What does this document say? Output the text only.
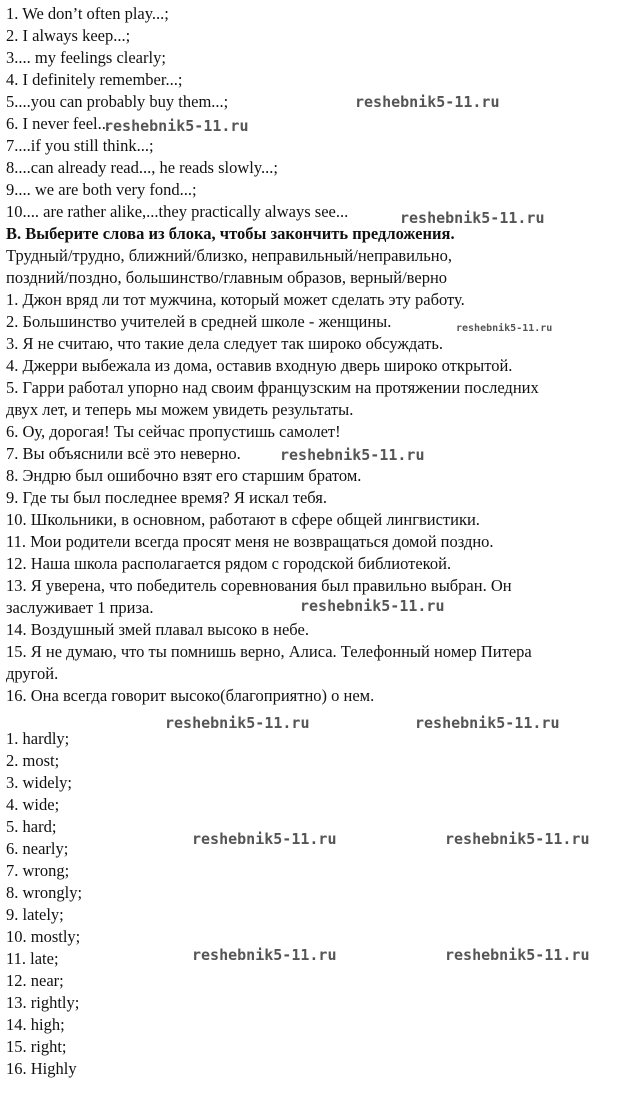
1. We don’t often play...;
2. I always keep...;
3.... my feelings clearly;
4. I definitely remember...;
5....you can probably buy them...;
6. I never feel...
7....if you still think...;
8....can already read..., he reads slowly...;
9.... we are both very fond...;
10.... are rather alike,...they practically always see...
B. Выберите слова из блока, чтобы закончить предложения.
Трудный/трудно, ближний/близко, неправильный/неправильно,
поздний/поздно, большинство/главным образов, верный/верно
1. Джон вряд ли тот мужчина, который может сделать эту работу.
2. Большинство учителей в средней школе - женщины.
3. Я не считаю, что такие дела следует так широко обсуждать.
4. Джерри выбежала из дома, оставив входную дверь широко открытой.
5. Гарри работал упорно над своим французским на протяжении последних
двух лет, и теперь мы можем увидеть результаты.
6. Оу, дорогая! Ты сейчас пропустишь самолет!
7. Вы объяснили всё это неверно.
8. Эндрю был ошибочно взят его старшим братом.
9. Где ты был последнее время? Я искал тебя.
10. Школьники, в основном, работают в сфере общей лингвистики.
11. Мои родители всегда просят меня не возвращаться домой поздно.
12. Наша школа располагается рядом с городской библиотекой.
13. Я уверена, что победитель соревнования был правильно выбран. Он
заслуживает 1 приза.
14. Воздушный змей плавал высоко в небе.
15. Я не думаю, что ты помнишь верно, Алиса. Телефонный номер Питера
другой.
16. Она всегда говорит высоко(благоприятно) о нем.
1. hardly;
2. most;
3. widely;
4. wide;
5. hard;
6. nearly;
7. wrong;
8. wrongly;
9. lately;
10. mostly;
11. late;
12. near;
13. rightly;
14. high;
15. right;
16. Highly
reshebnik5-11.ru
reshebnik5-11.ru
reshebnik5-11.ru
reshebnik5-11.ru
reshebnik5-11.ru
reshebnik5-11.ru
reshebnik5-11.ru	reshebnik5-11.ru
reshebnik5-11.ru	reshebnik5-11.ru
reshebnik5-11.ru	reshebnik5-11.ru
